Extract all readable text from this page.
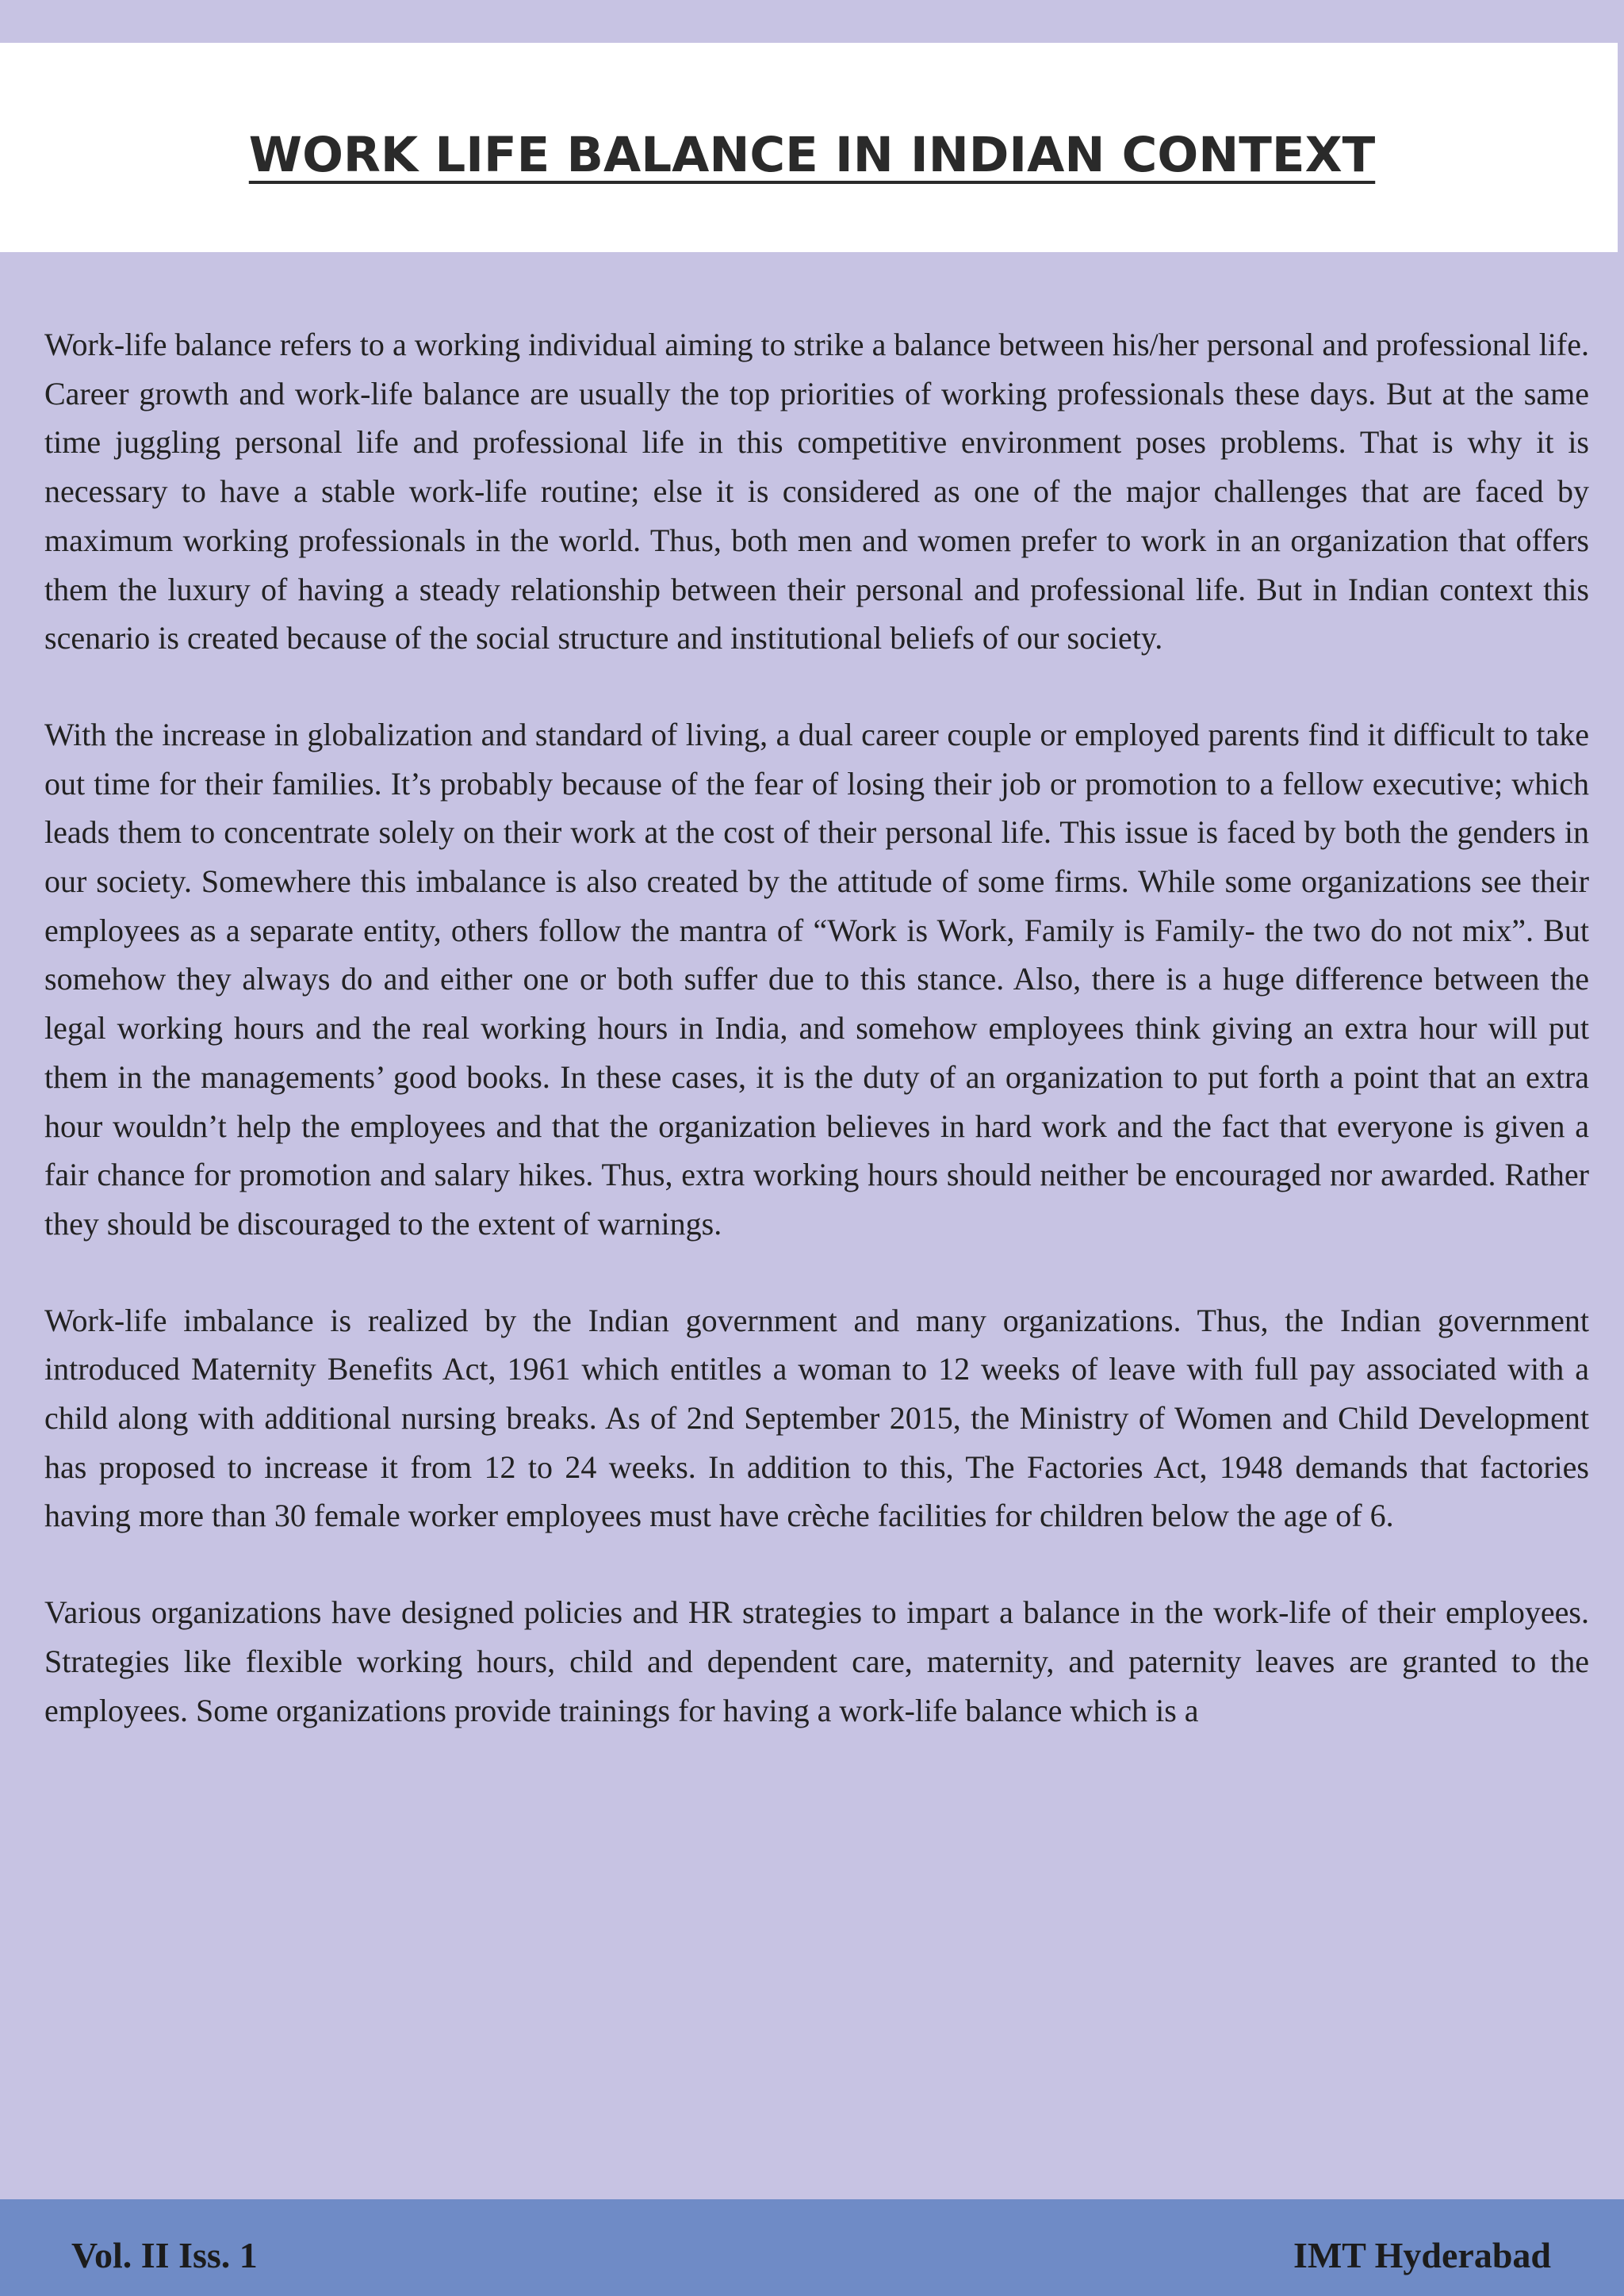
WORK LIFE BALANCE IN INDIAN CONTEXT

Work-life balance refers to a working individual aiming to strike a balance between his/her personal and professional life. Career growth and work-life balance are usually the top priorities of working professionals these days. But at the same time juggling personal life and professional life in this competitive environment poses problems. That is why it is necessary to have a stable work-life routine; else it is considered as one of the major challenges that are faced by maximum working professionals in the world. Thus, both men and women prefer to work in an organization that offers them the luxury of having a steady relationship between their personal and professional life. But in Indian context this scenario is created because of the social structure and institutional beliefs of our society.

With the increase in globalization and standard of living, a dual career couple or employed parents find it difficult to take out time for their families. It’s probably because of the fear of losing their job or promotion to a fellow executive; which leads them to concentrate solely on their work at the cost of their personal life. This issue is faced by both the genders in our society. Somewhere this imbalance is also created by the attitude of some firms. While some organizations see their employees as a separate entity, others follow the mantra of “Work is Work, Family is Family- the two do not mix”. But somehow they always do and either one or both suffer due to this stance. Also, there is a huge difference between the legal working hours and the real working hours in India, and somehow employees think giving an extra hour will put them in the managements’ good books. In these cases, it is the duty of an organization to put forth a point that an extra hour wouldn’t help the employees and that the organization believes in hard work and the fact that everyone is given a fair chance for promotion and salary hikes. Thus, extra working hours should neither be encouraged nor awarded. Rather they should be discouraged to the extent of warnings.

Work-life imbalance is realized by the Indian government and many organizations. Thus, the Indian government introduced Maternity Benefits Act, 1961 which entitles a woman to 12 weeks of leave with full pay associated with a child along with additional nursing breaks. As of 2nd September 2015, the Ministry of Women and Child Development has proposed to increase it from 12 to 24 weeks. In addition to this, The Factories Act, 1948 demands that factories having more than 30 female worker employees must have crèche facilities for children below the age of 6.

Various organizations have designed policies and HR strategies to impart a balance in the work-life of their employees. Strategies like flexible working hours, child and dependent care, maternity, and paternity leaves are granted to the employees. Some organizations provide trainings for having a work-life balance which is a

Vol. II Iss. 1	IMT Hyderabad
